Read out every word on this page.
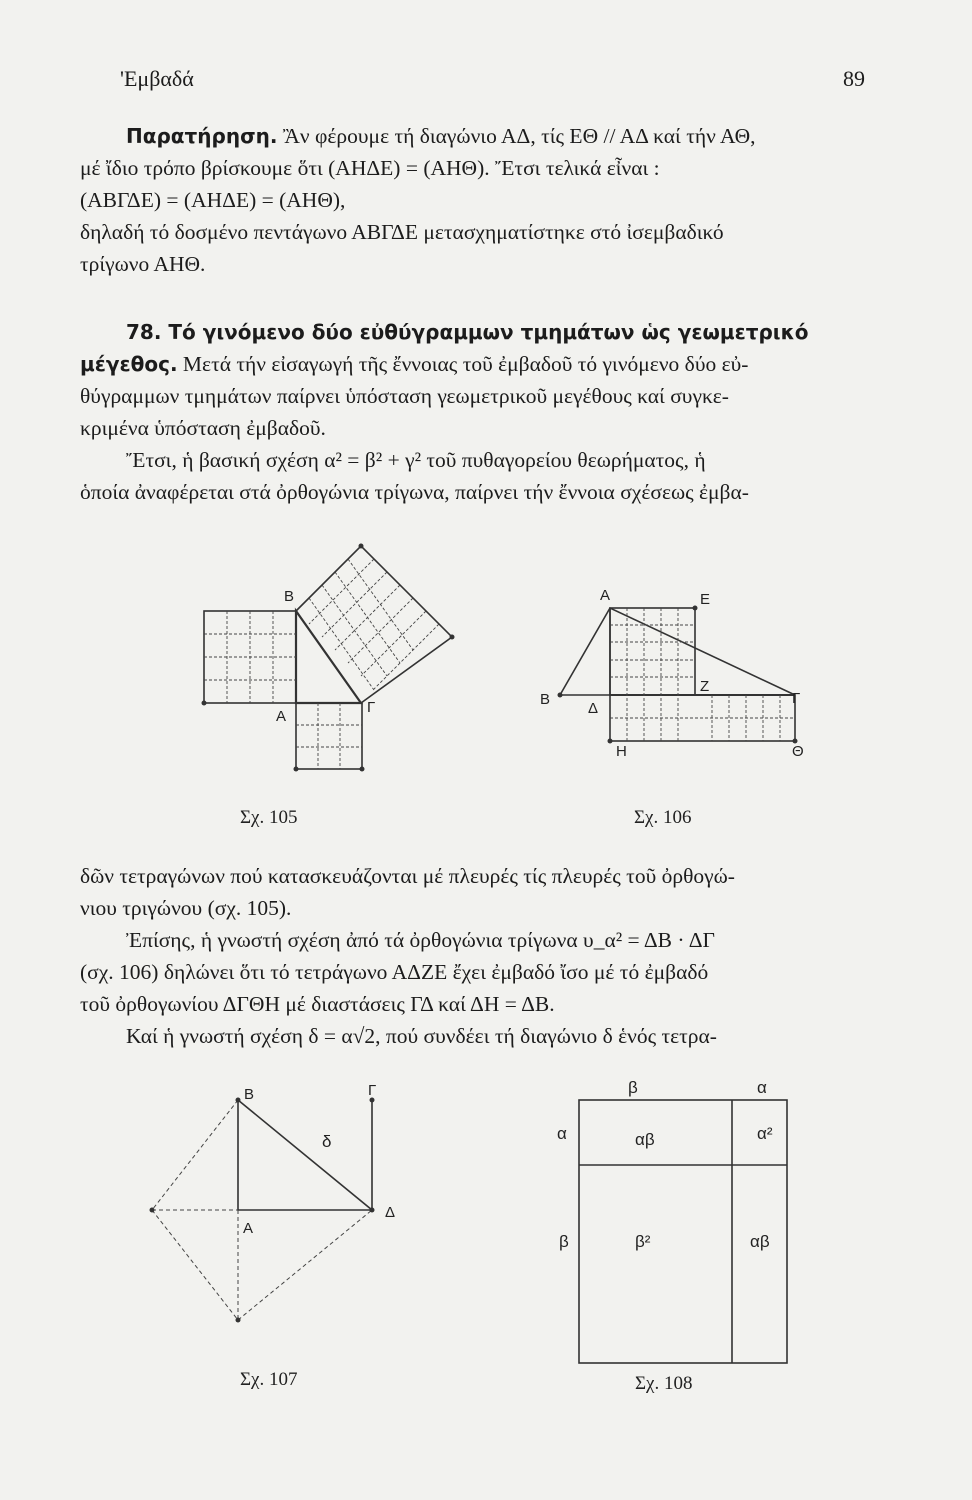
'Εμβαδά	89

Παρατήρηση. Ἂν φέρουμε τή διαγώνιο ΑΔ, τίς ΕΘ // ΑΔ καί τήν ΑΘ,

μέ ἴδιο τρόπο βρίσκουμε ὅτι (ΑΗΔΕ) = (ΑΗΘ). Ἔτσι τελικά εἶναι :

(ΑΒΓΔΕ) = (ΑΗΔΕ) = (ΑΗΘ),

δηλαδή τό δοσμένο πεντάγωνο ΑΒΓΔΕ μετασχηματίστηκε στό ἰσεμβαδικό

τρίγωνο ΑΗΘ.

78. Τό γινόμενο δύο εὐθύγραμμων τμημάτων ὡς γεωμετρικό

μέγεθος. Μετά τήν εἰσαγωγή τῆς ἔννοιας τοῦ ἐμβαδοῦ τό γινόμενο δύο εὐ-

θύγραμμων τμημάτων παίρνει ὑπόσταση γεωμετρικοῦ μεγέθους καί συγκε-

κριμένα ὑπόσταση ἐμβαδοῦ.

Ἔτσι, ἡ βασική σχέση α² = β² + γ² τοῦ πυθαγορείου θεωρήματος, ἡ

ὁποία ἀναφέρεται στά ὀρθογώνια τρίγωνα, παίρνει τήν ἔννοια σχέσεως ἐμβα-

B
A
Γ
Σχ. 105
A	E
B
Δ
Z
Γ
H	Θ
Σχ. 106

δῶν τετραγώνων πού κατασκευάζονται μέ πλευρές τίς πλευρές τοῦ ὀρθογώ-

νιου τριγώνου (σχ. 105).

Ἐπίσης, ἡ γνωστή σχέση ἀπό τά ὀρθογώνια τρίγωνα υ_α² = ΔΒ · ΔΓ

(σχ. 106) δηλώνει ὅτι τό τετράγωνο ΑΔΖΕ ἔχει ἐμβαδό ἴσο μέ τό ἐμβαδό

τοῦ ὀρθογωνίου ΔΓΘΗ μέ διαστάσεις ΓΔ καί ΔΗ = ΔΒ.

Καί ἡ γνωστή σχέση δ = α√2, πού συνδέει τή διαγώνιο δ ἑνός τετρα-

B	Γ
A
Δ
δ
Σχ. 107
β	α
α	αβ	α²
β	β²	αβ
Σχ. 108
